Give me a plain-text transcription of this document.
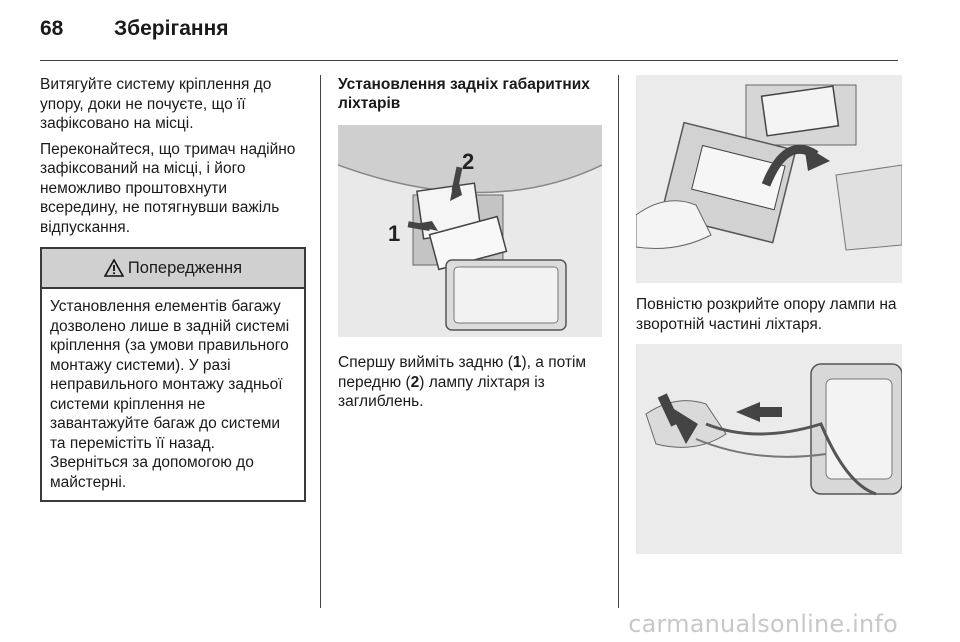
68	Зберігання

Витягуйте систему кріплення до упору, доки не почуєте, що її зафіксовано на місці.

Переконайтеся, що тримач надійно зафіксований на місці, і його неможливо проштовхнути всередину, не потягнувши важіль відпускання.

Попередження
Установлення елементів багажу дозволено лише в задній системі кріплення (за умови правильного монтажу системи). У разі неправильного монтажу задньої системи кріплення не завантажуйте багаж до системи та перемістіть її назад. Зверніться за допомогою до майстерні.
Установлення задніх габаритних ліхтарів
1
2

Спершу вийміть задню (1), а потім передню (2) лампу ліхтаря із заглиблень.

Повністю розкрийте опору лампи на зворотній частині ліхтаря.

carmanualsonline.info
